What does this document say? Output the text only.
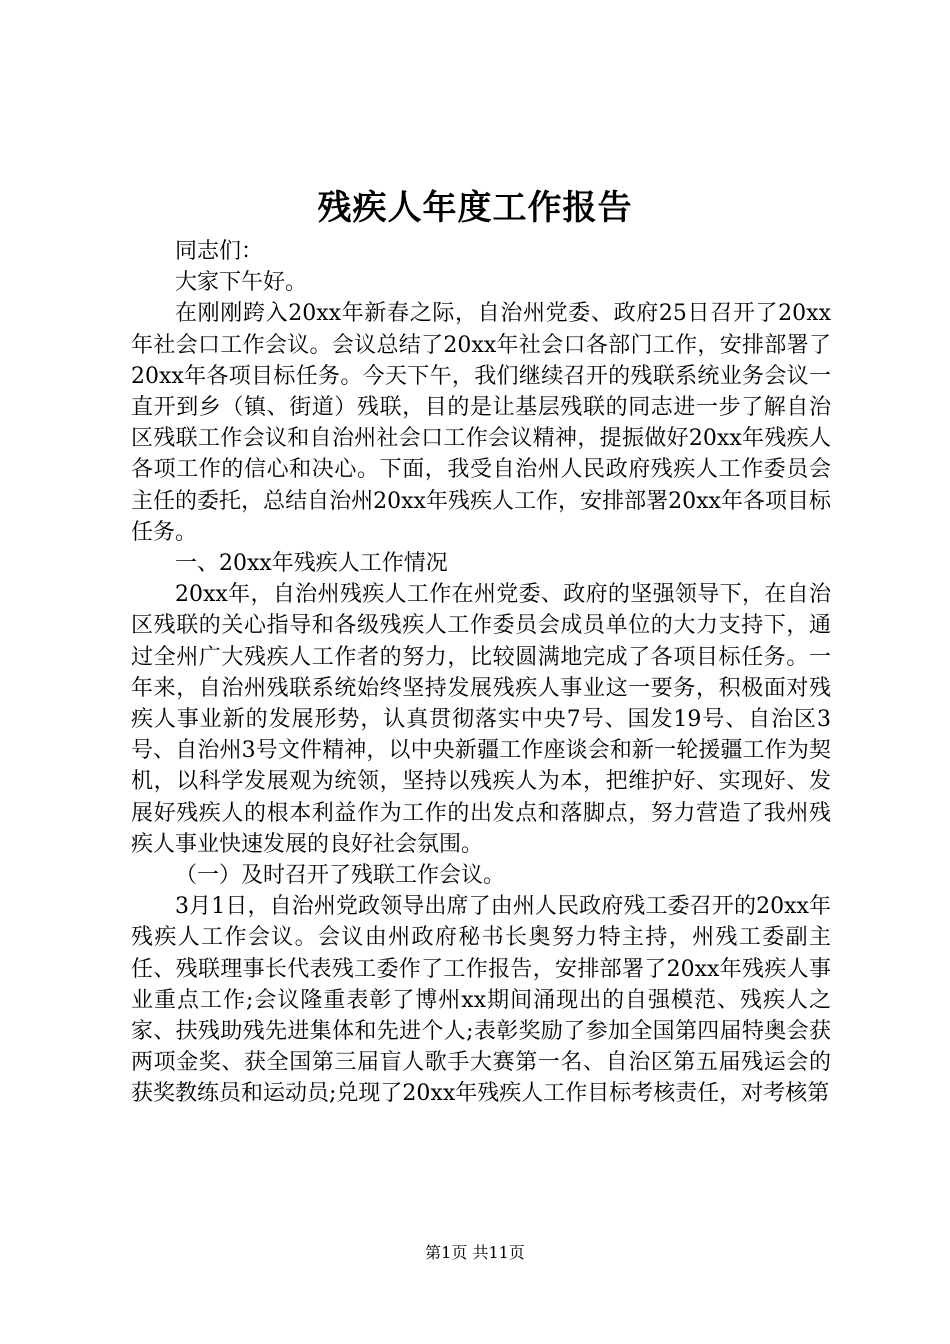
残疾人年度工作报告

同志们：

大家下午好。

在刚刚跨入20xx年新春之际，自治州党委、政府25日召开了20xx年社会口工作会议。会议总结了20xx年社会口各部门工作，安排部署了20xx年各项目标任务。今天下午，我们继续召开的残联系统业务会议一直开到乡（镇、街道）残联，目的是让基层残联的同志进一步了解自治区残联工作会议和自治州社会口工作会议精神，提振做好20xx年残疾人各项工作的信心和决心。下面，我受自治州人民政府残疾人工作委员会主任的委托，总结自治州20xx年残疾人工作，安排部署20xx年各项目标任务。

一、20xx年残疾人工作情况

20xx年，自治州残疾人工作在州党委、政府的坚强领导下，在自治区残联的关心指导和各级残疾人工作委员会成员单位的大力支持下，通过全州广大残疾人工作者的努力，比较圆满地完成了各项目标任务。一年来，自治州残联系统始终坚持发展残疾人事业这一要务，积极面对残疾人事业新的发展形势，认真贯彻落实中央7号、国发19号、自治区3号、自治州3号文件精神，以中央新疆工作座谈会和新一轮援疆工作为契机，以科学发展观为统领，坚持以残疾人为本，把维护好、实现好、发展好残疾人的根本利益作为工作的出发点和落脚点，努力营造了我州残疾人事业快速发展的良好社会氛围。

（一）及时召开了残联工作会议。

3月1日，自治州党政领导出席了由州人民政府残工委召开的20xx年残疾人工作会议。会议由州政府秘书长奥努力特主持，州残工委副主任、残联理事长代表残工委作了工作报告，安排部署了20xx年残疾人事业重点工作;会议隆重表彰了博州xx期间涌现出的自强模范、残疾人之家、扶残助残先进集体和先进个人;表彰奖励了参加全国第四届特奥会获两项金奖、获全国第三届盲人歌手大赛第一名、自治区第五届残运会的获奖教练员和运动员;兑现了20xx年残疾人工作目标考核责任，对考核第

第1页 共11页
